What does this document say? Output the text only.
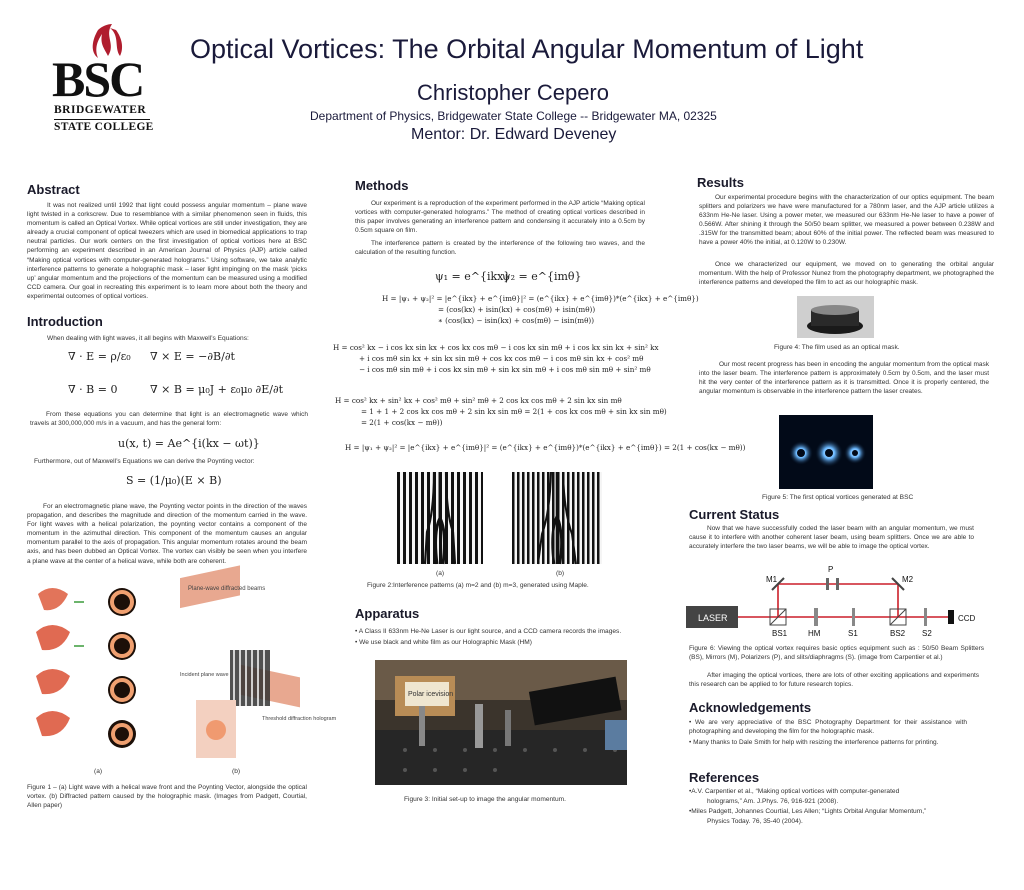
BSC
BRIDGEWATER
STATE COLLEGE
Optical Vortices: The Orbital Angular Momentum of Light
Christopher Cepero
Department of Physics, Bridgewater State College -- Bridgewater MA, 02325
Mentor: Dr. Edward Deveney
Abstract
It was not realized until 1992 that light could possess angular momentum – plane wave light twisted in a corkscrew. Due to resemblance with a similar phenomenon seen in fluids, this momentum is called an Optical Vortex. While optical vortices are still under investigation, they are already a crucial component of optical tweezers which are used in biomedical applications to trap neutral particles. Our work centers on the first investigation of optical vortices here at BSC performing an experiment described in an American Journal of Physics (AJP) article called “Making optical vortices with computer-generated holograms.” Using software, we take analytic interference patterns to generate a holographic mask – laser light impinging on the mask ‘picks up’ angular momentum and the projections of the momentum can be measured using a modified CCD camera. Our goal in recreating this experiment is to learn more about both the theory and experimental outcomes of optical vortices.
Introduction
When dealing with light waves, it all begins with Maxwell’s Equations:
∇ · E = ρ/ε₀ ∇ × E = −∂B/∂t
∇ · B = 0	∇ × B = μ₀J + ε₀μ₀ ∂E/∂t
From these equations you can determine that light is an electromagnetic wave which travels at 300,000,000 m/s in a vacuum, and has the general form:
u(x, t) = Ae^{i(kx − ωt)}
Furthermore, out of Maxwell’s Equations we can derive the Poynting vector:
S = (1/μ₀)(E × B)
For an electromagnetic plane wave, the Poynting vector points in the direction of the waves propagation, and describes the magnitude and direction of the momentum carried in the wave. For light waves with a helical polarization, the poynting vector contains a component of the momentum in the azimuthal direction. This component of the momentum causes an angular momentum parallel to the axis of propagation. This angular momentum rotates around the beam axis, and has been dubbed an Optical Vortex. The vortex can visibly be seen when you interfere a plane wave at the center of a helical wave, while both are coherent.
Plane-wave diffracted beams
Incident plane wave
Threshold diffraction hologram
(a)	(b)
Figure 1 – (a) Light wave with a helical wave front and the Poynting Vector, alongside the optical vortex. (b) Diffracted pattern caused by the holographic mask. (Images from Padgett, Courtial, Allen paper)
Methods
Our experiment is a reproduction of the experiment performed in the AJP article “Making optical vortices with computer-generated holograms.” The method of creating optical vortices described in this paper involves generating an interference pattern and condensing it accurately into a 0.5cm by 0.5cm square on film.
The interference pattern is created by the interference of the following two waves, and the calculation of the resulting function.
ψ₁ = e^{ikx}
ψ₂ = e^{imθ}
H = |ψ₁ + ψ₂|² = |e^{ikx} + e^{imθ}|² = (e^{ikx} + e^{imθ})*(e^{ikx} + e^{imθ})
= (cos(kx) + isin(kx) + cos(mθ) + isin(mθ))
∗ (cos(kx) − isin(kx) + cos(mθ) − isin(mθ))
H = cos² kx − i cos kx sin kx + cos kx cos mθ − i cos kx sin mθ + i cos kx sin kx + sin² kx
+ i cos mθ sin kx + sin kx sin mθ + cos kx cos mθ − i cos mθ sin kx + cos² mθ
− i cos mθ sin mθ + i cos kx sin mθ + sin kx sin mθ + i cos mθ sin mθ + sin² mθ
H = cos² kx + sin² kx + cos² mθ + sin² mθ + 2 cos kx cos mθ + 2 sin kx sin mθ
= 1 + 1 + 2 cos kx cos mθ + 2 sin kx sin mθ = 2(1 + cos kx cos mθ + sin kx sin mθ)
= 2(1 + cos(kx − mθ))
H = |ψ₁ + ψ₂|² = |e^{ikx} + e^{imθ}|² = (e^{ikx} + e^{imθ})*(e^{ikx} + e^{imθ}) = 2(1 + cos(kx − mθ))
(a)	(b)
Figure 2:Interference patterns (a) m=2 and (b) m=3, generated using Maple.
Apparatus
• A Class II 633nm He-Ne Laser is our light source, and a CCD camera records the images.
• We use black and white film as our Holographic Mask (HM)
Polar icevision
Figure 3: Initial set-up to image the angular momentum.
Results
Our experimental procedure begins with the characterization of our optics equipment. The beam splitters and polarizers we have were manufactured for a 780nm laser, and the AJP article utilizes a 633nm He-Ne laser. Using a power meter, we measured our 633nm He-Ne laser to have a power of 0.566W. After shining it through the 50/50 beam splitter, we measured a power between 0.238W and .315W for the transmitted beam; about 60% of the initial power. The reflected beam was measured to have a power 40% the initial, at 0.120W to 0.230W.
Once we characterized our equipment, we moved on to generating the orbital angular momentum. With the help of Professor Nunez from the photography department, we photographed the interference patterns and developed the film to act as our holographic mask.
Figure 4: The film used as an optical mask.
Our most recent progress has been in encoding the angular momentum from the optical mask into the laser beam. The interference pattern is approximately 0.5cm by 0.5cm, and the laser must hit the very center of the interference pattern as it is transmitted. Once it is properly centered, the angular momentum is observable in the interference pattern the laser creates.
Figure 5: The first optical vortices generated at BSC
Current Status
Now that we have successfully coded the laser beam with an angular momentum, we must cause it to interfere with another coherent laser beam, using beam splitters. Once we are able to accurately interfere the two laser beams, we will be able to image the optical vortex.
LASER	CCD
M1	M2
P
BS1	HM	S1	BS2 S2
Figure 6: Viewing the optical vortex requires basic optics equipment such as : 50/50 Beam Splitters (BS), Mirrors (M), Polarizers (P), and slits/diaphragms (S). (image from Carpentier et al.)
After imaging the optical vortices, there are lots of other exciting applications and experiments this research can be applied to for future research topics.
Acknowledgements
• We are very appreciative of the BSC Photography Department for their assistance with photographing and developing the film for the holographic mask.
• Many thanks to Dale Smith for help with resizing the interference patterns for printing.
References
•A.V. Carpentier et al., “Making optical vortices with computer-generated
holograms,” Am. J.Phys. 76, 916-921 (2008).
•Miles Padgett, Johannes Courtial, Les Allen; “Lights Orbital Angular Momentum,”
Physics Today. 76, 35-40 (2004).
